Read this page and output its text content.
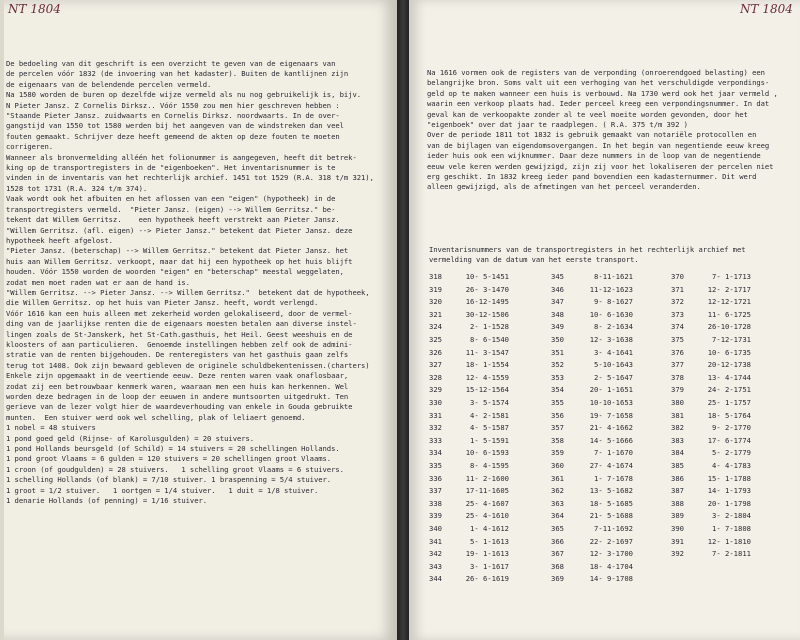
NT 1804
De bedoeling van dit geschrift is een overzicht te geven van de eigenaars van
de percelen vóór 1832 (de invoering van het kadaster). Buiten de kantlijnen zijn
de eigenaars van de belendende percelen vermeld.
Na 1580 worden de buren op dezelfde wijze vermeld als nu nog gebruikelijk is, bijv.
N Pieter Jansz. Z Cornelis Dirksz.. Vóór 1550 zou men hier geschreven hebben :
"Staande Pieter Jansz. zuidwaarts en Cornelis Dirksz. noordwaarts. In de over-
gangstijd van 1550 tot 1580 werden bij het aangeven van de windstreken dan veel
fouten gemaakt. Schrijver deze heeft gemeend de akten op deze fouten te moeten
corrigeren.
Wanneer als bronvermelding alléén het folionummer is aangegeven, heeft dit betrek-
king op de transportregisters in de "eigenboeken". Het inventarisnummer is te
vinden in de inventaris van het rechterlijk archief. 1451 tot 1529 (R.A. 318 t/m 321),
1528 tot 1731 (R.A. 324 t/m 374).
Vaak wordt ook het afbuiten en het aflossen van een "eigen" (hypotheek) in de
transportregisters vermeld.  "Pieter Jansz. (eigen) --> Willem Gerritsz." be-
tekent dat Willem Gerritsz.    een hypotheek heeft verstrekt aan Pieter Jansz.
"Willem Gerritsz. (afl. eigen) --> Pieter Jansz." betekent dat Pieter Jansz. deze
hypotheek heeft afgelost.
"Pieter Jansz. (beterschap) --> Willem Gerritsz." betekent dat Pieter Jansz. het
huis aan Willem Gerritsz. verkoopt, maar dat hij een hypotheek op het huis blijft
houden. Vóór 1550 worden de woorden "eigen" en "beterschap" meestal weggelaten,
zodat men moet raden wat er aan de hand is.
"Willem Gerritsz. --> Pieter Jansz. --> Willem Gerritsz."  betekent dat de hypotheek,
die Willem Gerritsz. op het huis van Pieter Jansz. heeft, wordt verlengd.
Vóór 1616 kan een huis alleen met zekerheid worden gelokaliseerd, door de vermel-
ding van de jaarlijkse renten die de eigenaars moesten betalen aan diverse instel-
lingen zoals de St-Janskerk, het St-Cath.gasthuis, het Heil. Geest weeshuis en de
kloosters of aan particulieren.  Genoemde instellingen hebben zelf ook de admini-
stratie van de renten bijgehouden. De renteregisters van het gasthuis gaan zelfs
terug tot 1408. Ook zijn bewaard gebleven de originele schuldbekentenissen.(charters)
Enkele zijn opgemaakt in de veertiende eeuw. Deze renten waren vaak onaflosbaar,
zodat zij een betrouwbaar kenmerk waren, waaraan men een huis kan herkennen. Wel
worden deze bedragen in de loop der eeuwen in andere muntsoorten uitgedrukt. Ten
gerieve van de lezer volgt hier de waardeverhouding van enkele in Gouda gebruikte
munten.  Een stuiver werd ook wel schelling, plak of leliaert genoemd.
1 nobel = 48 stuivers
1 pond goed geld (Rijnse- of Karolusgulden) = 20 stuivers.
1 pond Hollands beursgeld (of Schild) = 14 stuivers = 20 schellingen Hollands.
1 pond groot Vlaams = 6 gulden = 120 stuivers = 20 schellingen groot Vlaams.
1 croon (of goudgulden) = 28 stuivers.   1 schelling groot Vlaams = 6 stuivers.
1 schelling Hollands (of blank) = 7/10 stuiver. 1 braspenning = 5/4 stuiver.
1 groot = 1/2 stuiver.   1 oortgen = 1/4 stuiver.   1 duit = 1/8 stuiver.
1 denarie Hollands (of penning) = 1/16 stuiver.
NT 1804
Na 1616 vormen ook de registers van de verponding (onroerendgoed belasting) een
belangrijke bron. Soms valt uit een verhoging van het verschuldigde verpondings-
geld op te maken wanneer een huis is verbouwd. Na 1730 werd ook het jaar vermeld ,
waarin een verkoop plaats had. Ieder perceel kreeg een verpondingsnummer. In dat
geval kan de verkoopakte zonder al te veel moeite worden gevonden, door het
"eigenboek" over dat jaar te raadplegen. ( R.A. 375 t/m 392 )
Over de periode 1811 tot 1832 is gebruik gemaakt van notariële protocollen en
van de bijlagen van eigendomsovergangen. In het begin van negentiende eeuw kreeg
ieder huis ook een wijknummer. Daar deze nummers in de loop van de negentiende
eeuw vele keren werden gewijzigd, zijn zij voor het lokaliseren der percelen niet
erg geschikt. In 1832 kreeg ieder pand bovendien een kadasternummer. Dit werd
alleen gewijzigd, als de afmetingen van het perceel veranderden.
Inventarisnummers van de transportregisters in het rechterlijk archief met
vermelding van de datum van het eerste transport.
318	10- 5-1451	345	8-11-1621	370	7- 1-1713
319	26- 3-1470	346	11-12-1623	371	12- 2-1717
320	16-12-1495	347	9- 8-1627	372	12-12-1721
321	30-12-1506	348	10- 6-1630	373	11- 6-1725
324	2- 1-1528	349	8- 2-1634	374	26-10-1728
325	8- 6-1540	350	12- 3-1638	375	7-12-1731
326	11- 3-1547	351	3- 4-1641	376	10- 6-1735
327	18- 1-1554	352	5-10-1643	377	20-12-1738
328	12- 4-1559	353	2- 5-1647	378	13- 4-1744
329	15-12-1564	354	20- 1-1651	379	24- 2-1751
330	3- 5-1574	355	10-10-1653	380	25- 1-1757
331	4- 2-1581	356	19- 7-1658	381	18- 5-1764
332	4- 5-1587	357	21- 4-1662	382	9- 2-1770
333	1- 5-1591	358	14- 5-1666	383	17- 6-1774
334	10- 6-1593	359	7- 1-1670	384	5- 2-1779
335	8- 4-1595	360	27- 4-1674	385	4- 4-1783
336	11- 2-1600	361	1- 7-1678	386	15- 1-1788
337	17-11-1605	362	13- 5-1682	387	14- 1-1793
338	25- 4-1607	363	18- 5-1685	388	20- 1-1798
339	25- 4-1610	364	21- 5-1688	389	3- 2-1804
340	1- 4-1612	365	7-11-1692	390	1- 7-1808
341	5- 1-1613	366	22- 2-1697	391	12- 1-1810
342	19- 1-1613	367	12- 3-1700	392	7- 2-1811
343	3- 1-1617	368	18- 4-1704
344	26- 6-1619	369	14- 9-1708
